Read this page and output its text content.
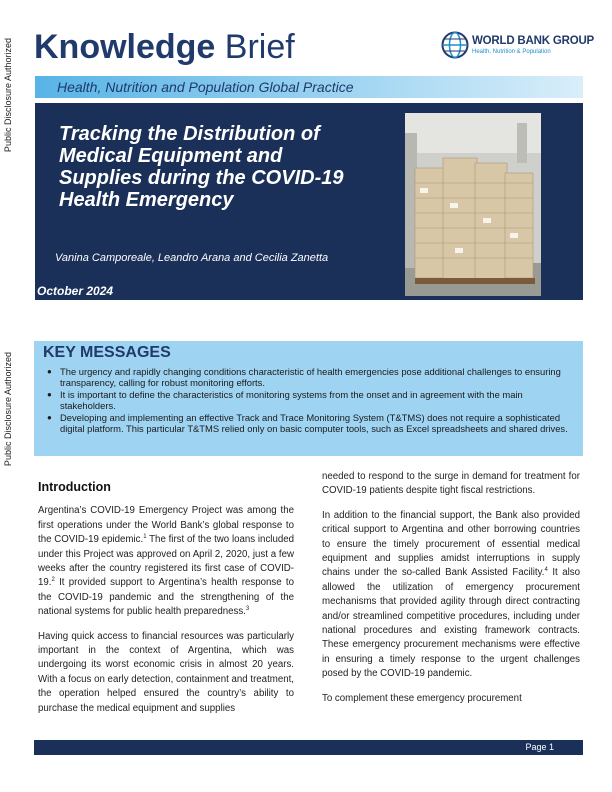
Public Disclosure Authorized
Public Disclosure Authorized
Knowledge Brief	WORLD BANK GROUP
Health, Nutrition & Population
Health, Nutrition and Population Global Practice
Tracking the Distribution of Medical Equipment and Supplies during the COVID-19 Health Emergency
Vanina Camporeale, Leandro Arana and Cecilia Zanetta
October 2024
KEY MESSAGES
● The urgency and rapidly changing conditions characteristic of health emergencies pose additional challenges to ensuring transparency, calling for robust monitoring efforts.
● It is important to define the characteristics of monitoring systems from the onset and in agreement with the main stakeholders.
● Developing and implementing an effective Track and Trace Monitoring System (T&TMS) does not require a sophisticated digital platform. This particular T&TMS relied only on basic computer tools, such as Excel spreadsheets and shared drives.
Introduction

Argentina’s COVID-19 Emergency Project was among the first operations under the World Bank’s global response to the COVID-19 epidemic.$^1$ The first of the two loans included under this Project was approved on April 2, 2020, just a few weeks after the country registered its first case of COVID-19.$^2$ It provided support to Argentina’s health response to the COVID-19 pandemic and the strengthening of the national systems for public health preparedness.$^3$

Having quick access to financial resources was particularly important in the context of Argentina, which was undergoing its worst economic crisis in almost 20 years. With a focus on early detection, containment and treatment, the operation helped ensured the country’s ability to purchase the medical equipment and supplies

needed to respond to the surge in demand for treatment for COVID-19 patients despite tight fiscal restrictions.

In addition to the financial support, the Bank also provided critical support to Argentina and other borrowing countries to ensure the timely procurement of essential medical equipment and supplies amidst interruptions in supply chains under the so-called Bank Assisted Facility.$^4$ It also allowed the utilization of emergency procurement mechanisms that provided agility through direct contracting and/or streamlined competitive procedures, including under national procedures and existing framework contracts. These emergency procurement mechanisms were effective in ensuring a timely response to the urgent challenges posed by the COVID-19 pandemic.

To complement these emergency procurement

Page 1
